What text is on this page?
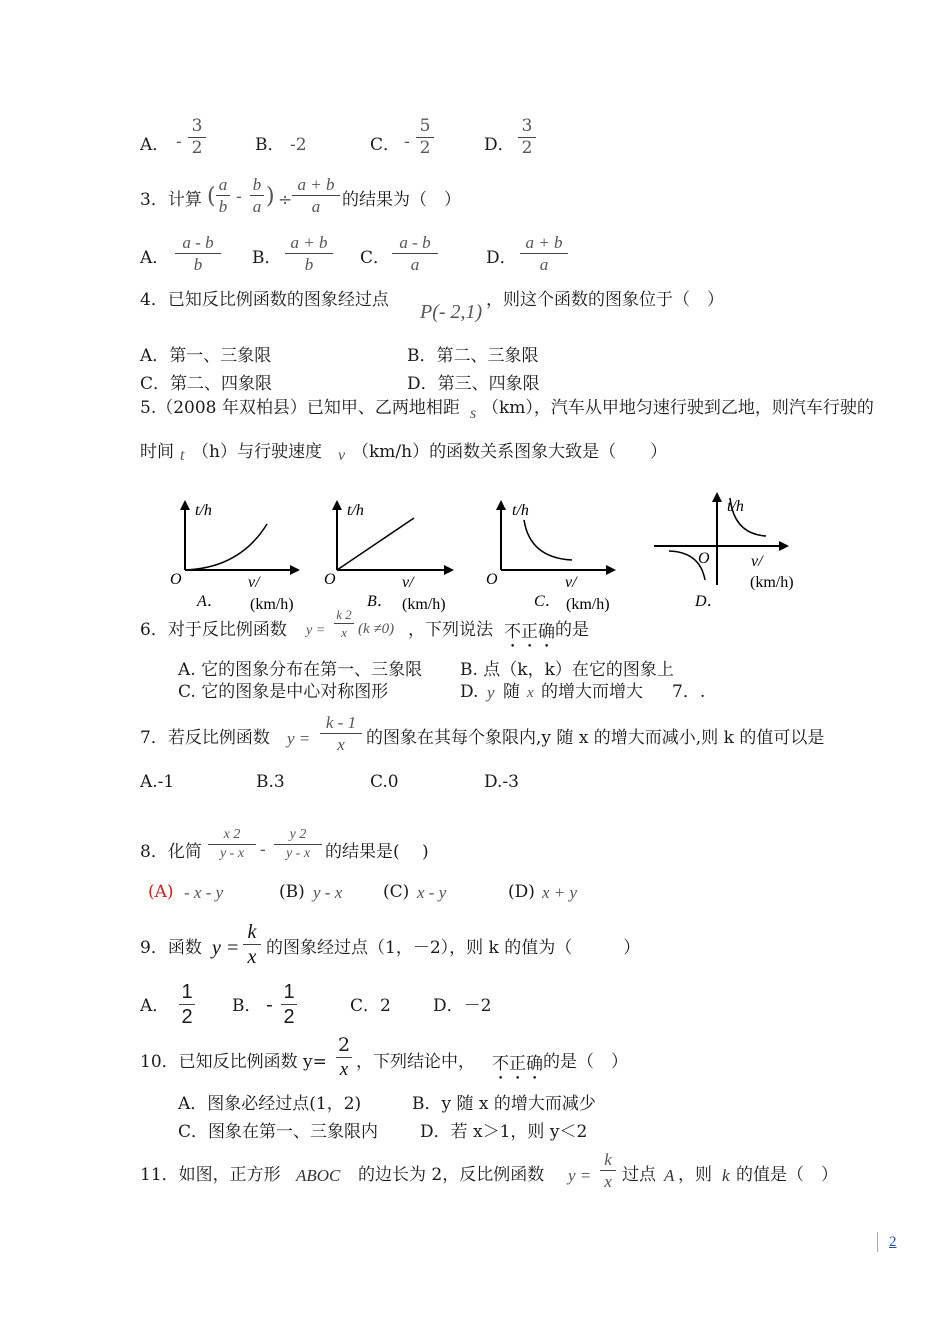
A． -
3
2	B． -2	C． -
5
2	D．
3
2
3．计算 ( a
b -
b
a ) ÷
a + b
a	的结果为（　）
A．
a - b
b	B．
a + b
b	C．
a - b
a	D．
a + b
a
4．已知反比例函数的图象经过点
P(- 2,1)
，则这个函数的图象位于（　）
A．第一、三象限	B．第二、三象限
C．第二、四象限	D．第三、四象限
5.（2008 年双柏县）已知甲、乙两地相距 s （km），汽车从甲地匀速行驶到乙地，则汽车行驶的
时间 t （h）与行驶速度 v （km/h）的函数关系图象大致是（　　）
t/h
O	v/
(km/h)
A．
t/h
O	v/
(km/h)
B．
t/h
O	v/
(km/h)
C．
t/h
O	v/
(km/h)
D．
6．对于反比例函数 y =
k 2
x (k ≠0) ，下列说法 不正确 的是
A. 它的图象分布在第一、三象限 B. 点（k，k）在它的图象上
C. 它的图象是中心对称图形	D. y 随 x 的增大而增大 7．.
7．若反比例函数 y =
k - 1
x	的图象在其每个象限内,y 随 x 的增大而减小,则 k 的值可以是
A.-1	B.3	C.0	D.-3
8．化简
x 2
y - x -
y 2
y - x 的结果是(　 )
(A) - x - y	(B) y - x (C) x - y	(D) x + y
9．函数 y =
k
x 的图象经过点（1，－2），则 k 的值为（　　　）
A．
1
2 B． - 1
2	C．2 D．－2
10．已知反比例函数 y=
2
x ，下列结论中， 不正确 的是（　）
A．图象必经过点(1，2)	B．y 随 x 的增大而减少
C．图象在第一、三象限内 D．若 x＞1，则 y＜2
11．如图，正方形 ABOC 的边长为 2，反比例函数 y =
k
x 过点 A ，则 k 的值是（　）
2
